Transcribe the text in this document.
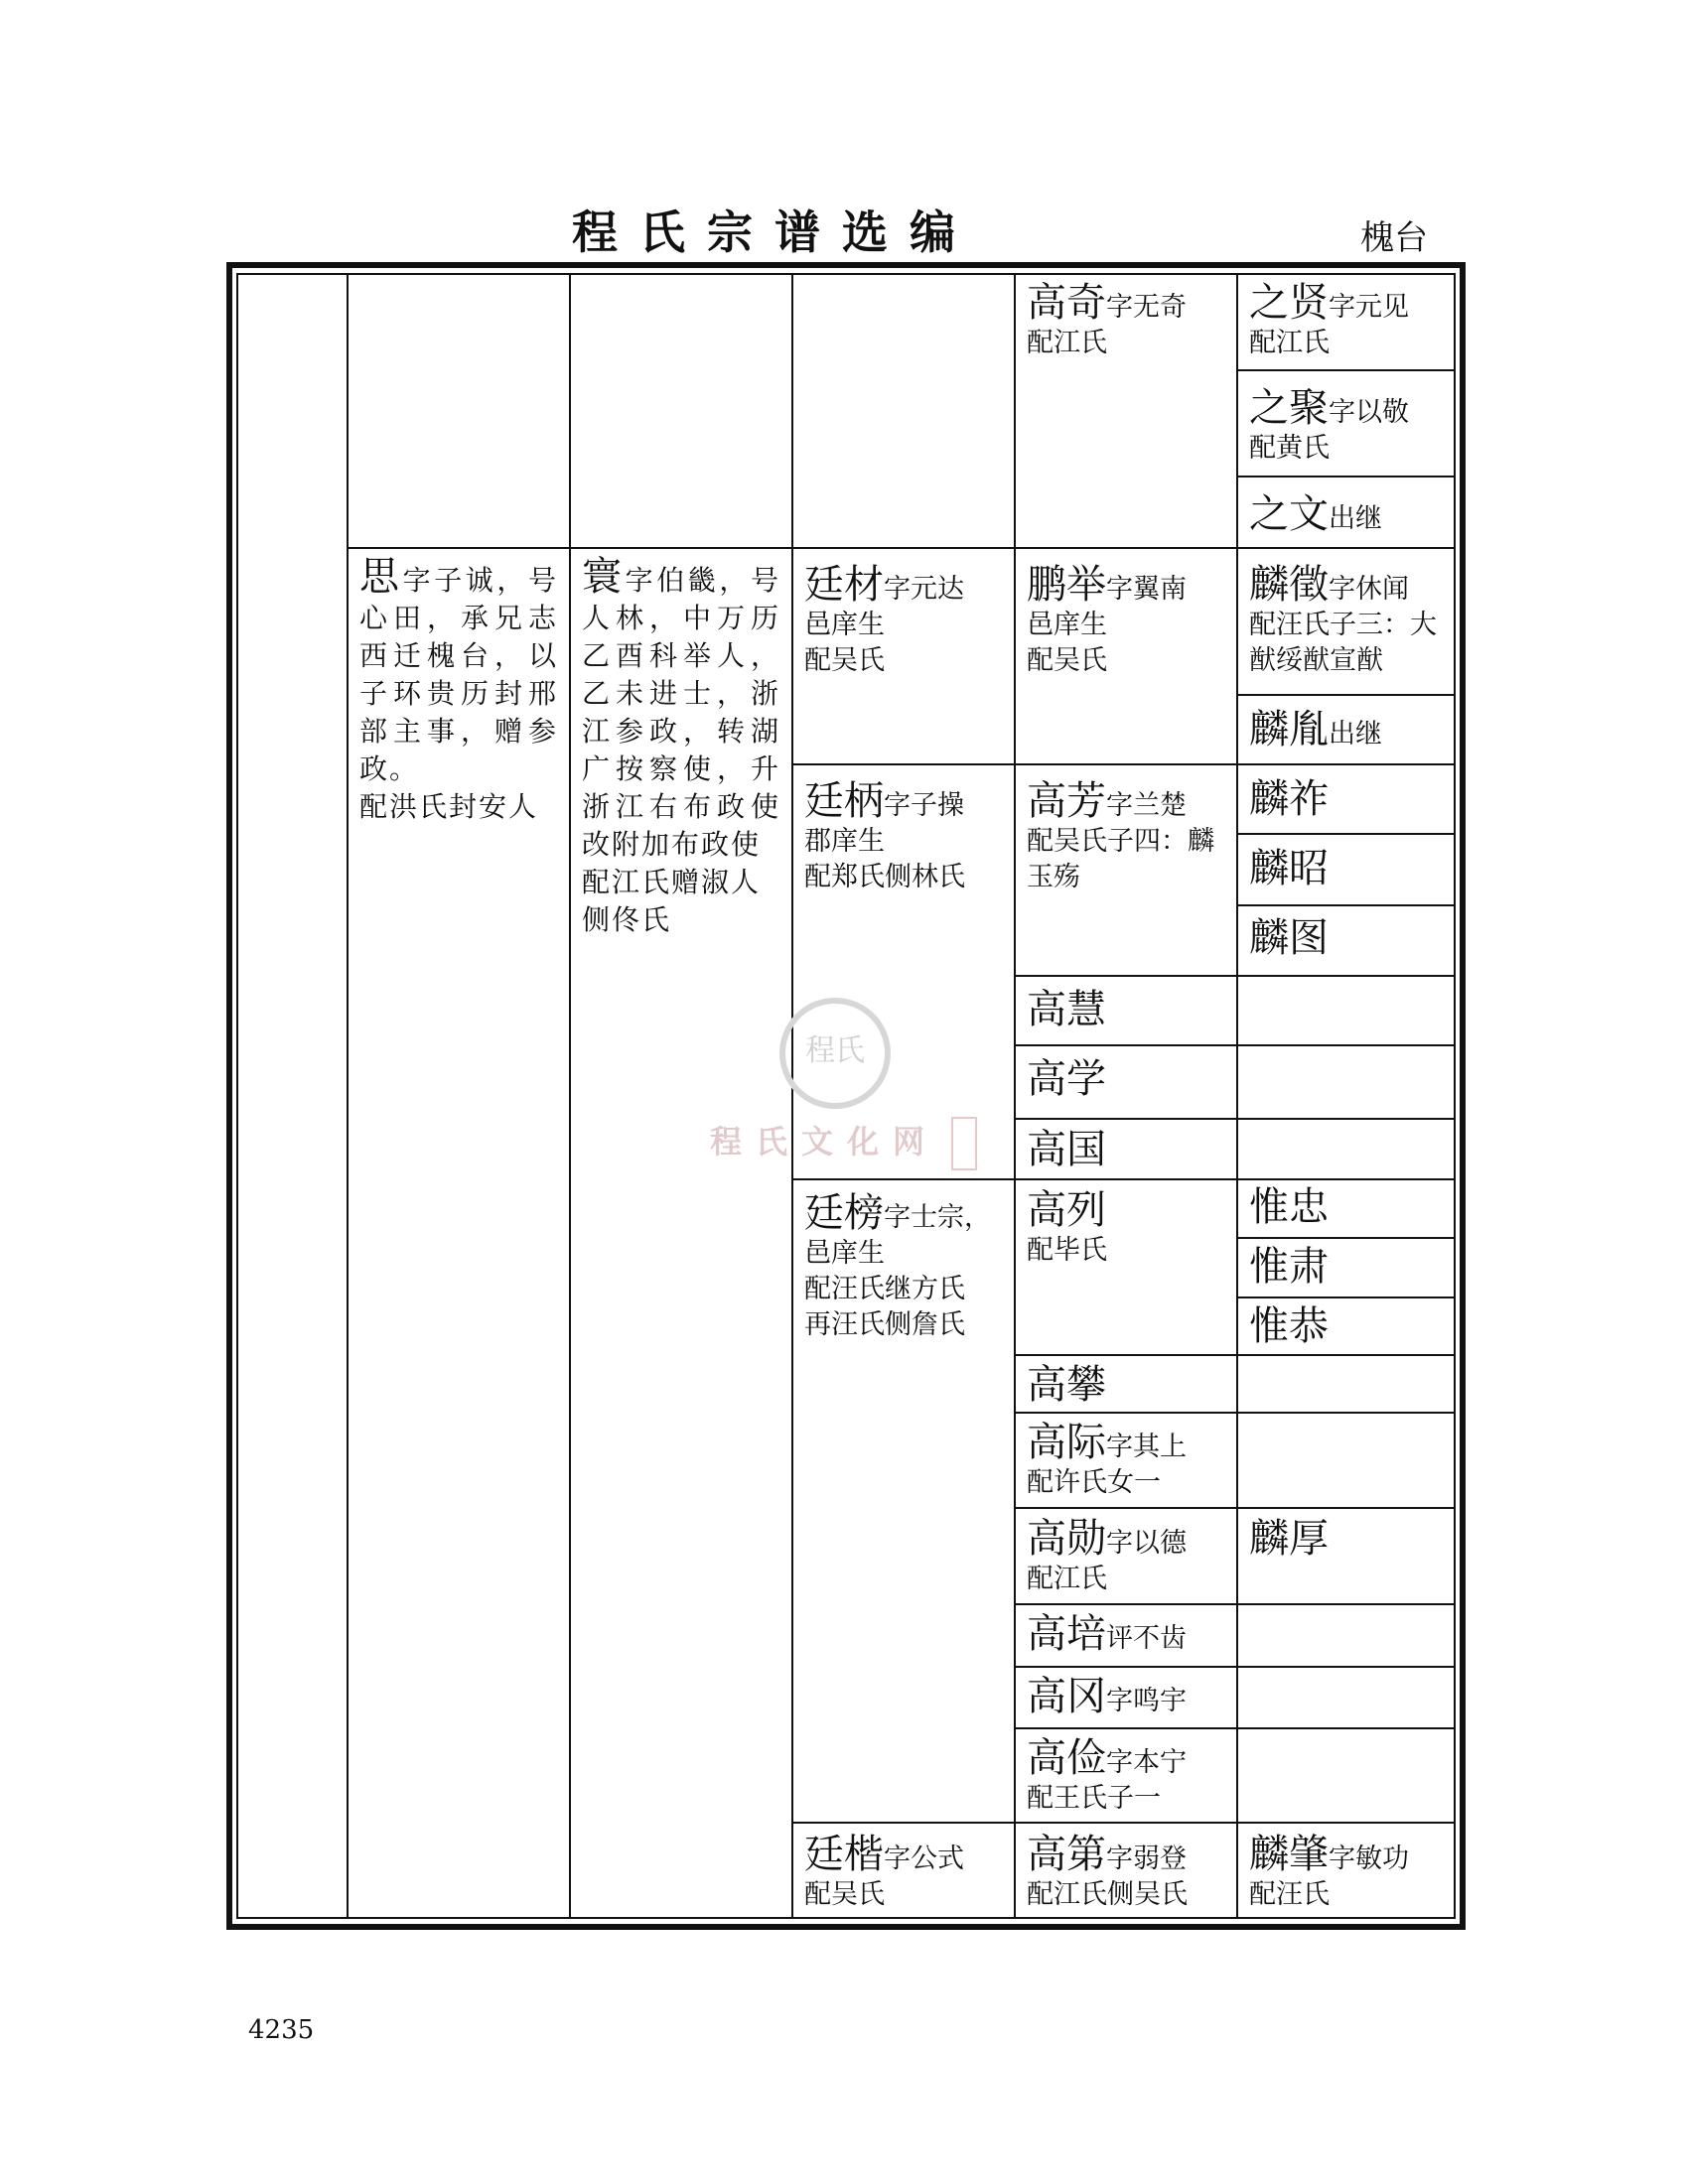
程氏宗谱选编	槐台
思字子诚，号心田，承兄志西迁槐台，以子环贵历封邢部主事，赠参政。
配洪氏封安人
寰字伯畿，号人林，中万历乙酉科举人，乙未进士，浙江参政，转湖广按察使，升浙江右布政使改附加布政使
配江氏赠淑人
侧佟氏
廷材字元达
邑庠生
配吴氏
廷柄字子操
郡庠生
配郑氏侧林氏
廷榜字士宗，
邑庠生
配汪氏继方氏
再汪氏侧詹氏
廷楷字公式
配吴氏
高奇字无奇
配江氏
鹏举字翼南
邑庠生
配吴氏
高芳字兰楚
配吴氏子四：麟
玉殇
高慧
高学
高国
高列
配毕氏
高攀
高际字其上
配许氏女一
高勋字以德
配江氏
高培评不齿
高冈字鸣宇
高俭字本宁
配王氏子一
高第字弱登
配江氏侧吴氏
之贤字元见
配江氏
之聚字以敬
配黄氏
之文出继
麟徵字休闻
配汪氏子三：大
猷绥猷宣猷
麟胤出继
麟祚
麟昭
麟图
惟忠
惟肃
惟恭
麟厚
麟肇字敏功
配汪氏
程氏
程氏文化网
4235
